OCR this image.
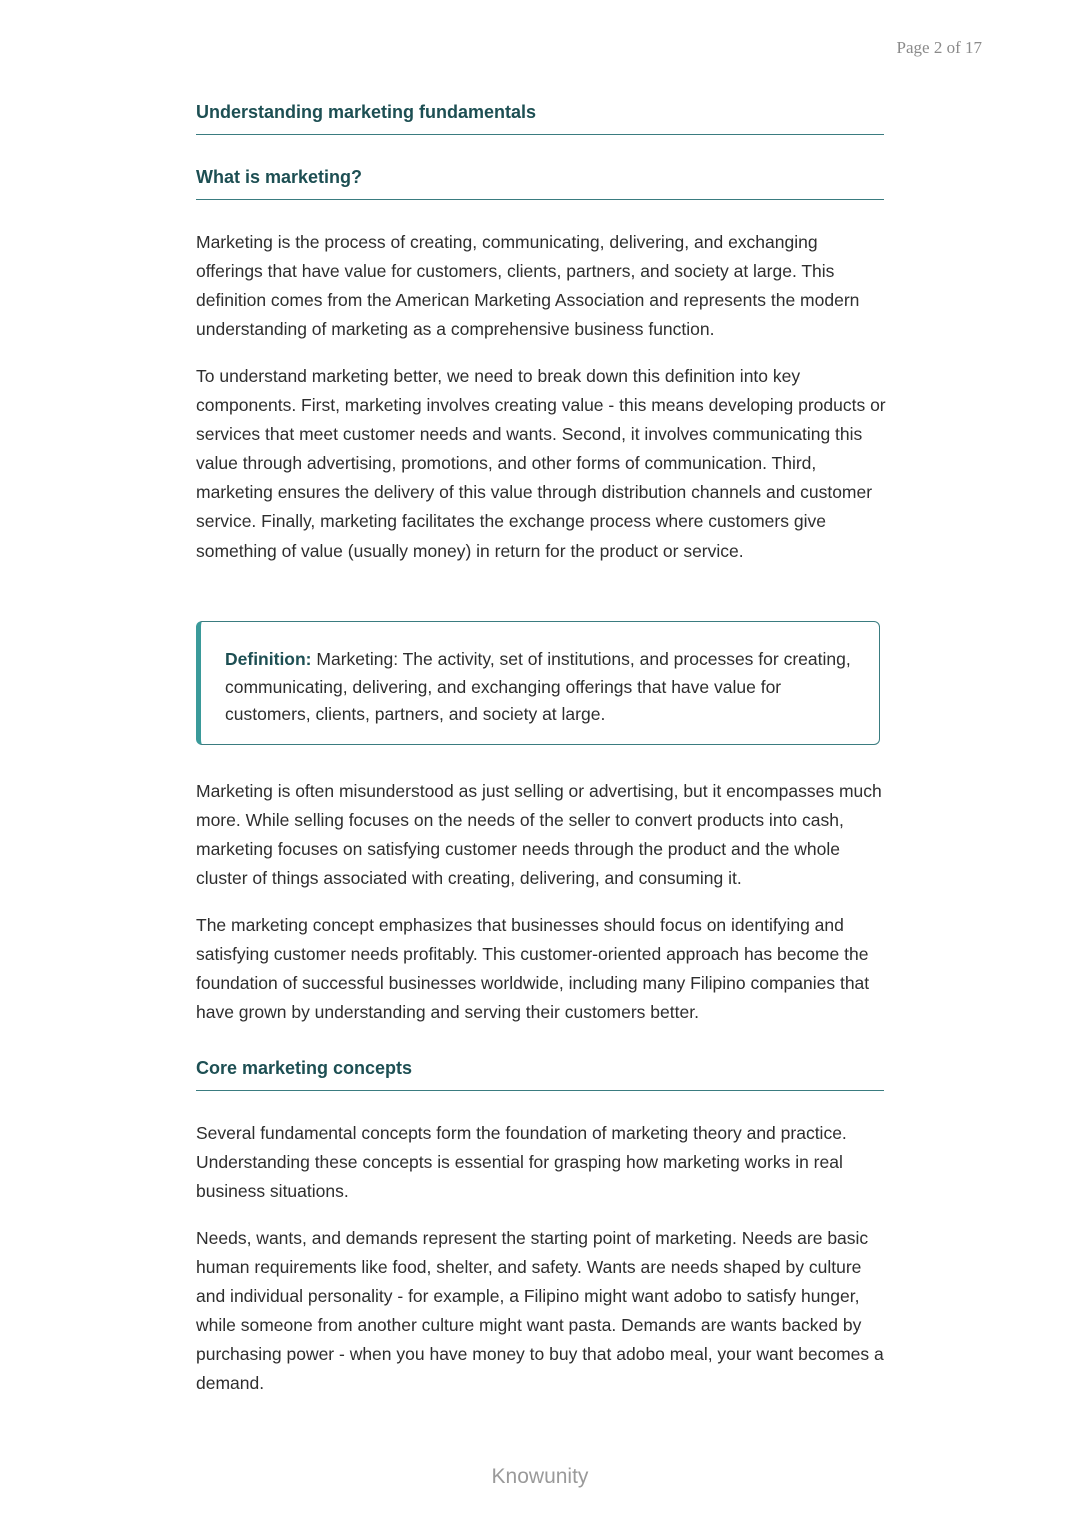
Page 2 of 17
Understanding marketing fundamentals
What is marketing?

Marketing is the process of creating, communicating, delivering, and exchanging offerings that have value for customers, clients, partners, and society at large. This definition comes from the American Marketing Association and represents the modern understanding of marketing as a comprehensive business function.

To understand marketing better, we need to break down this definition into key components. First, marketing involves creating value - this means developing products or services that meet customer needs and wants. Second, it involves communicating this value through advertising, promotions, and other forms of communication. Third, marketing ensures the delivery of this value through distribution channels and customer service. Finally, marketing facilitates the exchange process where customers give something of value (usually money) in return for the product or service.

Definition: Marketing: The activity, set of institutions, and processes for creating, communicating, delivering, and exchanging offerings that have value for customers, clients, partners, and society at large.

Marketing is often misunderstood as just selling or advertising, but it encompasses much more. While selling focuses on the needs of the seller to convert products into cash, marketing focuses on satisfying customer needs through the product and the whole cluster of things associated with creating, delivering, and consuming it.

The marketing concept emphasizes that businesses should focus on identifying and satisfying customer needs profitably. This customer-oriented approach has become the foundation of successful businesses worldwide, including many Filipino companies that have grown by understanding and serving their customers better.

Core marketing concepts

Several fundamental concepts form the foundation of marketing theory and practice. Understanding these concepts is essential for grasping how marketing works in real business situations.

Needs, wants, and demands represent the starting point of marketing. Needs are basic human requirements like food, shelter, and safety. Wants are needs shaped by culture and individual personality - for example, a Filipino might want adobo to satisfy hunger, while someone from another culture might want pasta. Demands are wants backed by purchasing power - when you have money to buy that adobo meal, your want becomes a demand.

Knowunity
